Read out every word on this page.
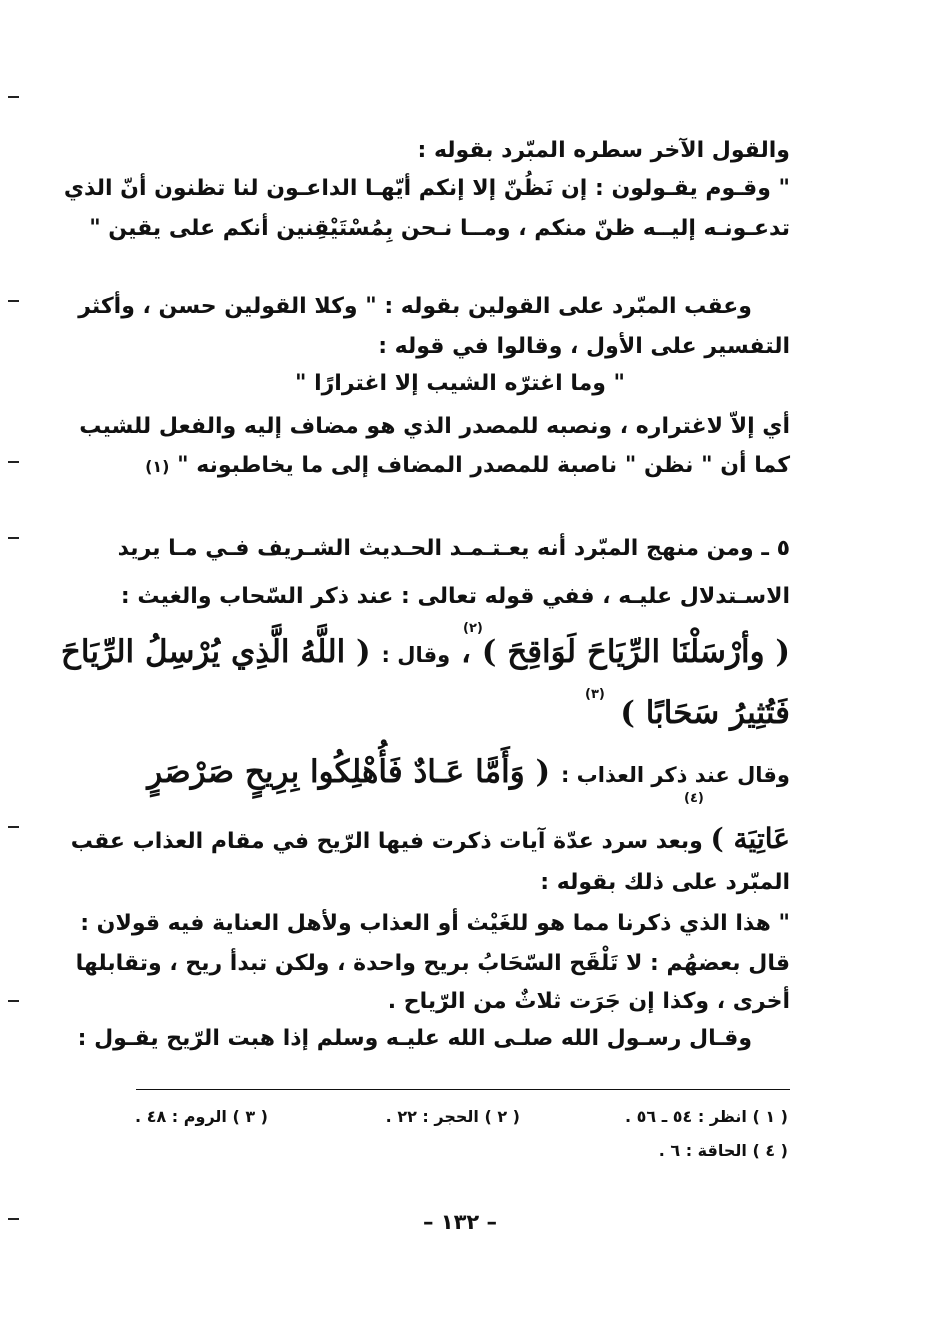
والقول الآخر سطره المبّرد بقوله :
" وقـوم يقـولون : إن نَظُنّ إلا إنكم أيّهـا الداعـون لنا تظنون أنّ الذي
تدعـونـه إليــه ظنّ منكم ، ومــا نـحن بِمُسْتَيْقِنين أنكم على يقين "
وعقب المبّرد على القولين بقوله : " وكلا القولين حسن ، وأكثر
التفسير على الأول ، وقالوا في قوله :
" وما اغترّه الشيب إلا اغترارًا "
أي إلاّ لاغتراره ، ونصبه للمصدر الذي هو مضاف إليه والفعل للشيب
كما أن " نظن " ناصبة للمصدر المضاف إلى ما يخاطبونه " (١)
٥ ـ ومن منهج المبّرد أنه يعـتـمـد الحـديث الشـريف فـي مـا يريد
الاسـتدلال عليـه ، ففي قوله تعالى : عند ذكر السّحاب والغيث :
( وأرْسَلْنَا الرِّيَاحَ لَوَاقِحَ ) ، وقال : ( اللَّهُ الَّذِي يُرْسِلُ الرِّيَاحَ
(٢)
فَتُثِيرُ سَحَابًا )
(٣)
وقال عند ذكر العذاب : ( وَأَمَّا عَـادٌ فَأُهْلِكُوا بِرِيحٍ صَرْصَرٍ
(٤)
عَاتِيَة ) وبعد سرد عدّة آيات ذكرت فيها الرّيح في مقام العذاب عقب
المبّرد على ذلك بقوله :
" هذا الذي ذكرنا مما هو للغَيْث أو العذاب ولأهل العناية فيه قولان :
قال بعضهُم : لا تَلْقَح السّحَابُ بريح واحدة ، ولكن تبدأ ريح ، وتقابلها
أخرى ، وكذا إن جَرَت ثلاثٌ من الرّياح .
وقـال رسـول الله صلـى الله عليـه وسلم إذا هبت الرّيح يقـول :
( ١ ) انظر : ٥٤ ـ ٥٦ .
( ٢ ) الحجر : ٢٢ .
( ٣ ) الروم : ٤٨ .
( ٤ ) الحاقة : ٦ .
– ١٣٢ –
